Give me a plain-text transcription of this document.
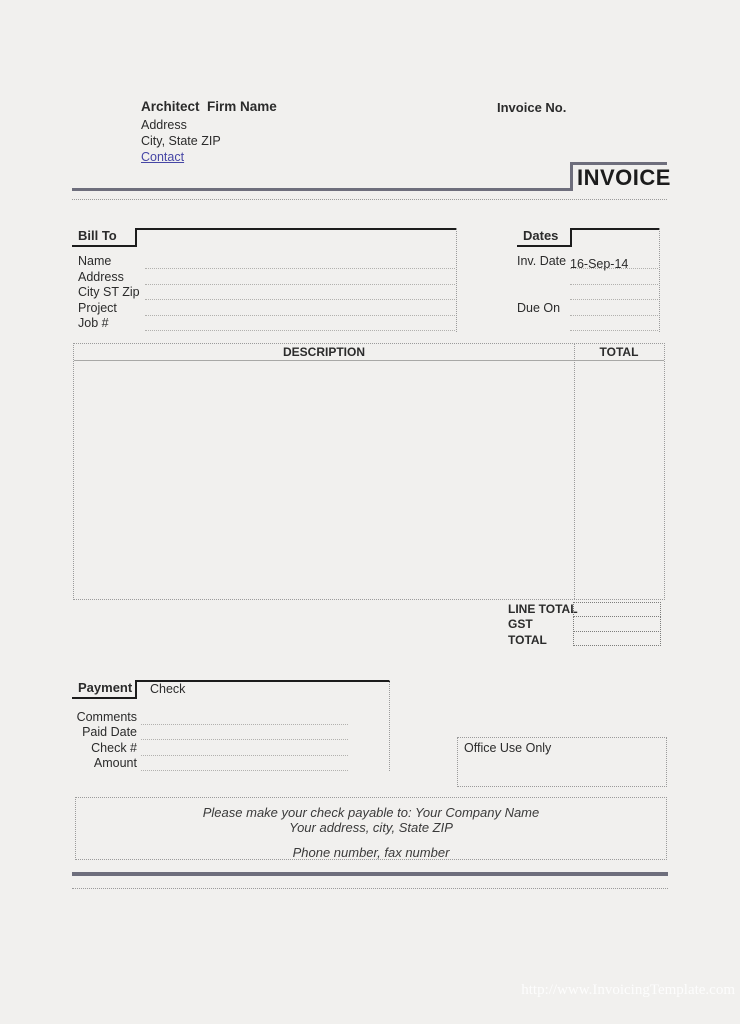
Architect  Firm Name	Invoice No.
Address
City, State ZIP
Contact
INVOICE
Bill To
Name
Address
City ST Zip
Project
Job #
Dates
Inv. Date 16-Sep-14
Due On
DESCRIPTION	TOTAL
LINE TOTAL
GST
TOTAL
Payment	Check
Comments
Paid Date
Check #
Amount
Office Use Only
Please make your check payable to: Your Company Name
Your address, city, State ZIP
Phone number, fax number
http://www.InvoicingTemplate.com
